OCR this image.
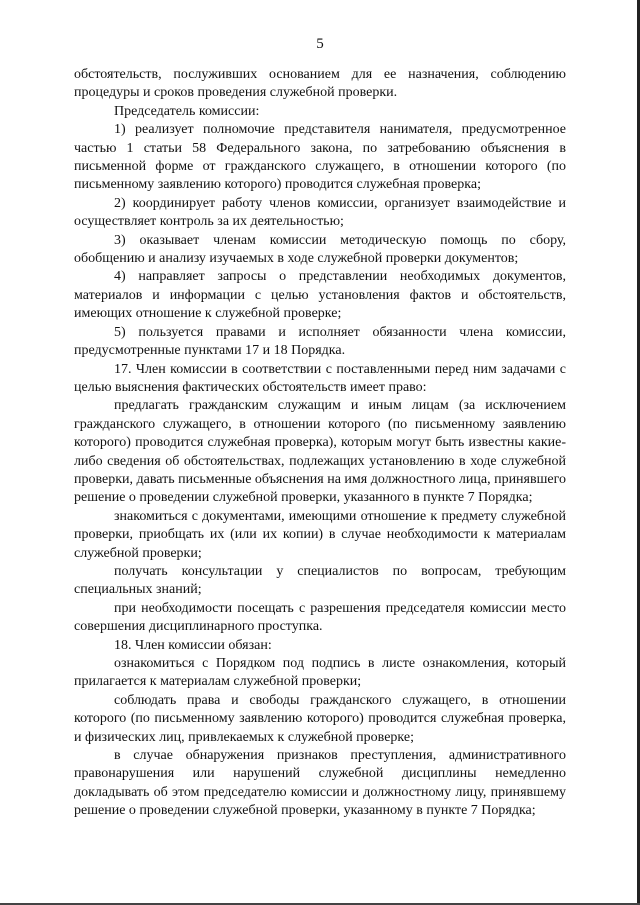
5

обстоятельств, послуживших основанием для ее назначения, соблюдению процедуры и сроков проведения служебной проверки.

Председатель комиссии:

1) реализует полномочие представителя нанимателя, предусмотренное частью 1 статьи 58 Федерального закона, по затребованию объяснения в письменной форме от гражданского служащего, в отношении которого (по письменному заявлению которого) проводится служебная проверка;

2) координирует работу членов комиссии, организует взаимодействие и осуществляет контроль за их деятельностью;

3) оказывает членам комиссии методическую помощь по сбору, обобщению и анализу изучаемых в ходе служебной проверки документов;

4) направляет запросы о представлении необходимых документов, материалов и информации с целью установления фактов и обстоятельств, имеющих отношение к служебной проверке;

5) пользуется правами и исполняет обязанности члена комиссии, предусмотренные пунктами 17 и 18 Порядка.

17. Член комиссии в соответствии с поставленными перед ним задачами с целью выяснения фактических обстоятельств имеет право:

предлагать гражданским служащим и иным лицам (за исключением гражданского служащего, в отношении которого (по письменному заявлению которого) проводится служебная проверка), которым могут быть известны какие-либо сведения об обстоятельствах, подлежащих установлению в ходе служебной проверки, давать письменные объяснения на имя должностного лица, принявшего решение о проведении служебной проверки, указанного в пункте 7 Порядка;

знакомиться с документами, имеющими отношение к предмету служебной проверки, приобщать их (или их копии) в случае необходимости к материалам служебной проверки;

получать консультации у специалистов по вопросам, требующим специальных знаний;

при необходимости посещать с разрешения председателя комиссии место совершения дисциплинарного проступка.

18. Член комиссии обязан:

ознакомиться с Порядком под подпись в листе ознакомления, который прилагается к материалам служебной проверки;

соблюдать права и свободы гражданского служащего, в отношении которого (по письменному заявлению которого) проводится служебная проверка, и физических лиц, привлекаемых к служебной проверке;

в случае обнаружения признаков преступления, административного правонарушения или нарушений служебной дисциплины немедленно докладывать об этом председателю комиссии и должностному лицу, принявшему решение о проведении служебной проверки, указанному в пункте 7 Порядка;
